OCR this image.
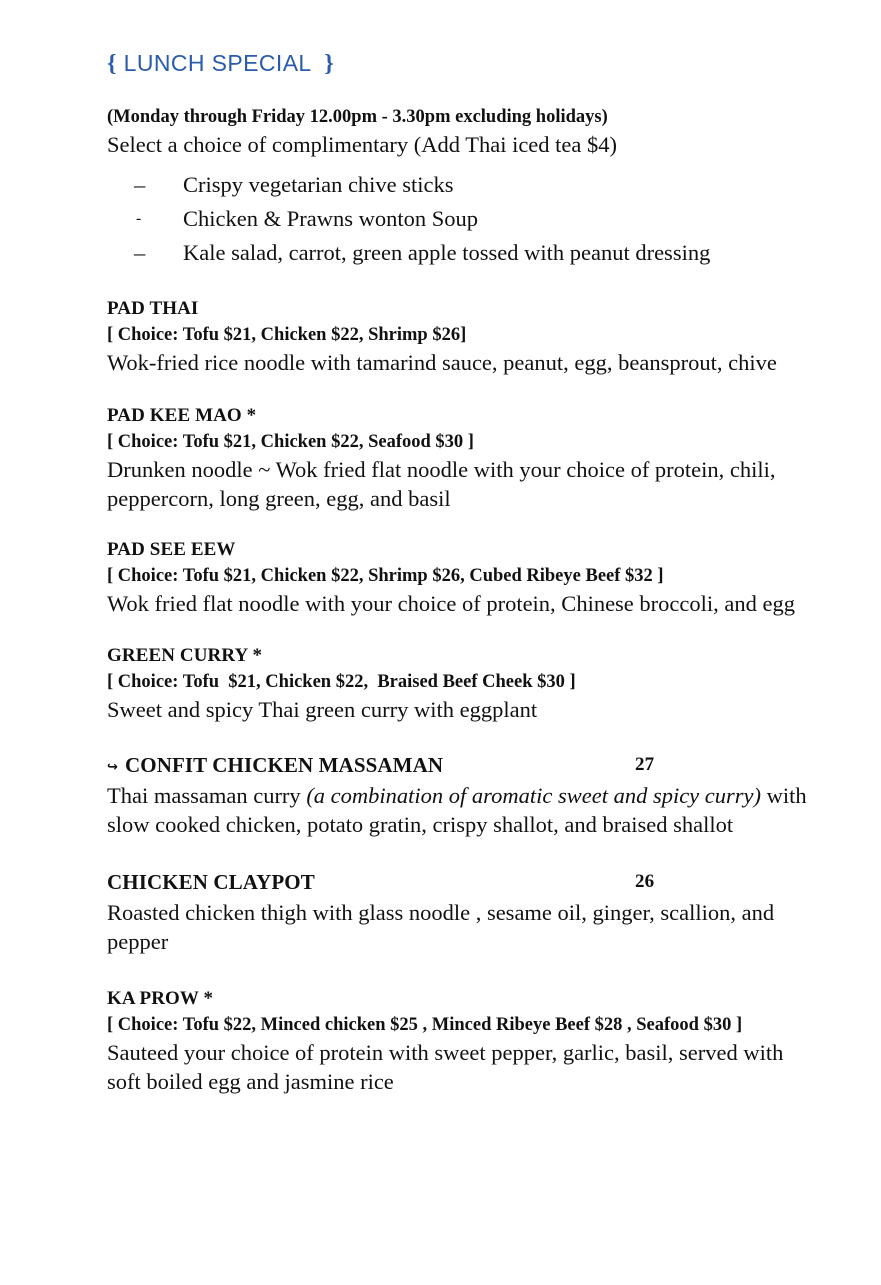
{ LUNCH SPECIAL  }

(Monday through Friday 12.00pm - 3.30pm excluding holidays)

Select a choice of complimentary (Add Thai iced tea $4)

– Crispy vegetarian chive sticks
- Chicken & Prawns wonton Soup
– Kale salad, carrot, green apple tossed with peanut dressing
PAD THAI
[ Choice: Tofu $21, Chicken $22, Shrimp $26]
Wok-fried rice noodle with tamarind sauce, peanut, egg, beansprout, chive
PAD KEE MAO *
[ Choice: Tofu $21, Chicken $22, Seafood $30 ]
Drunken noodle ~ Wok fried flat noodle with your choice of protein, chili, peppercorn, long green, egg, and basil
PAD SEE EEW
[ Choice: Tofu $21, Chicken $22, Shrimp $26, Cubed Ribeye Beef $32 ]
Wok fried flat noodle with your choice of protein, Chinese broccoli, and egg
GREEN CURRY *
[ Choice: Tofu  $21, Chicken $22,  Braised Beef Cheek $30 ]
Sweet and spicy Thai green curry with eggplant
↪ CONFIT CHICKEN MASSAMAN	27
Thai massaman curry (a combination of aromatic sweet and spicy curry) with slow cooked chicken, potato gratin, crispy shallot, and braised shallot
CHICKEN CLAYPOT	26
Roasted chicken thigh with glass noodle , sesame oil, ginger, scallion, and pepper
KA PROW *
[ Choice: Tofu $22, Minced chicken $25 , Minced Ribeye Beef $28 , Seafood $30 ]
Sauteed your choice of protein with sweet pepper, garlic, basil, served with soft boiled egg and jasmine rice
